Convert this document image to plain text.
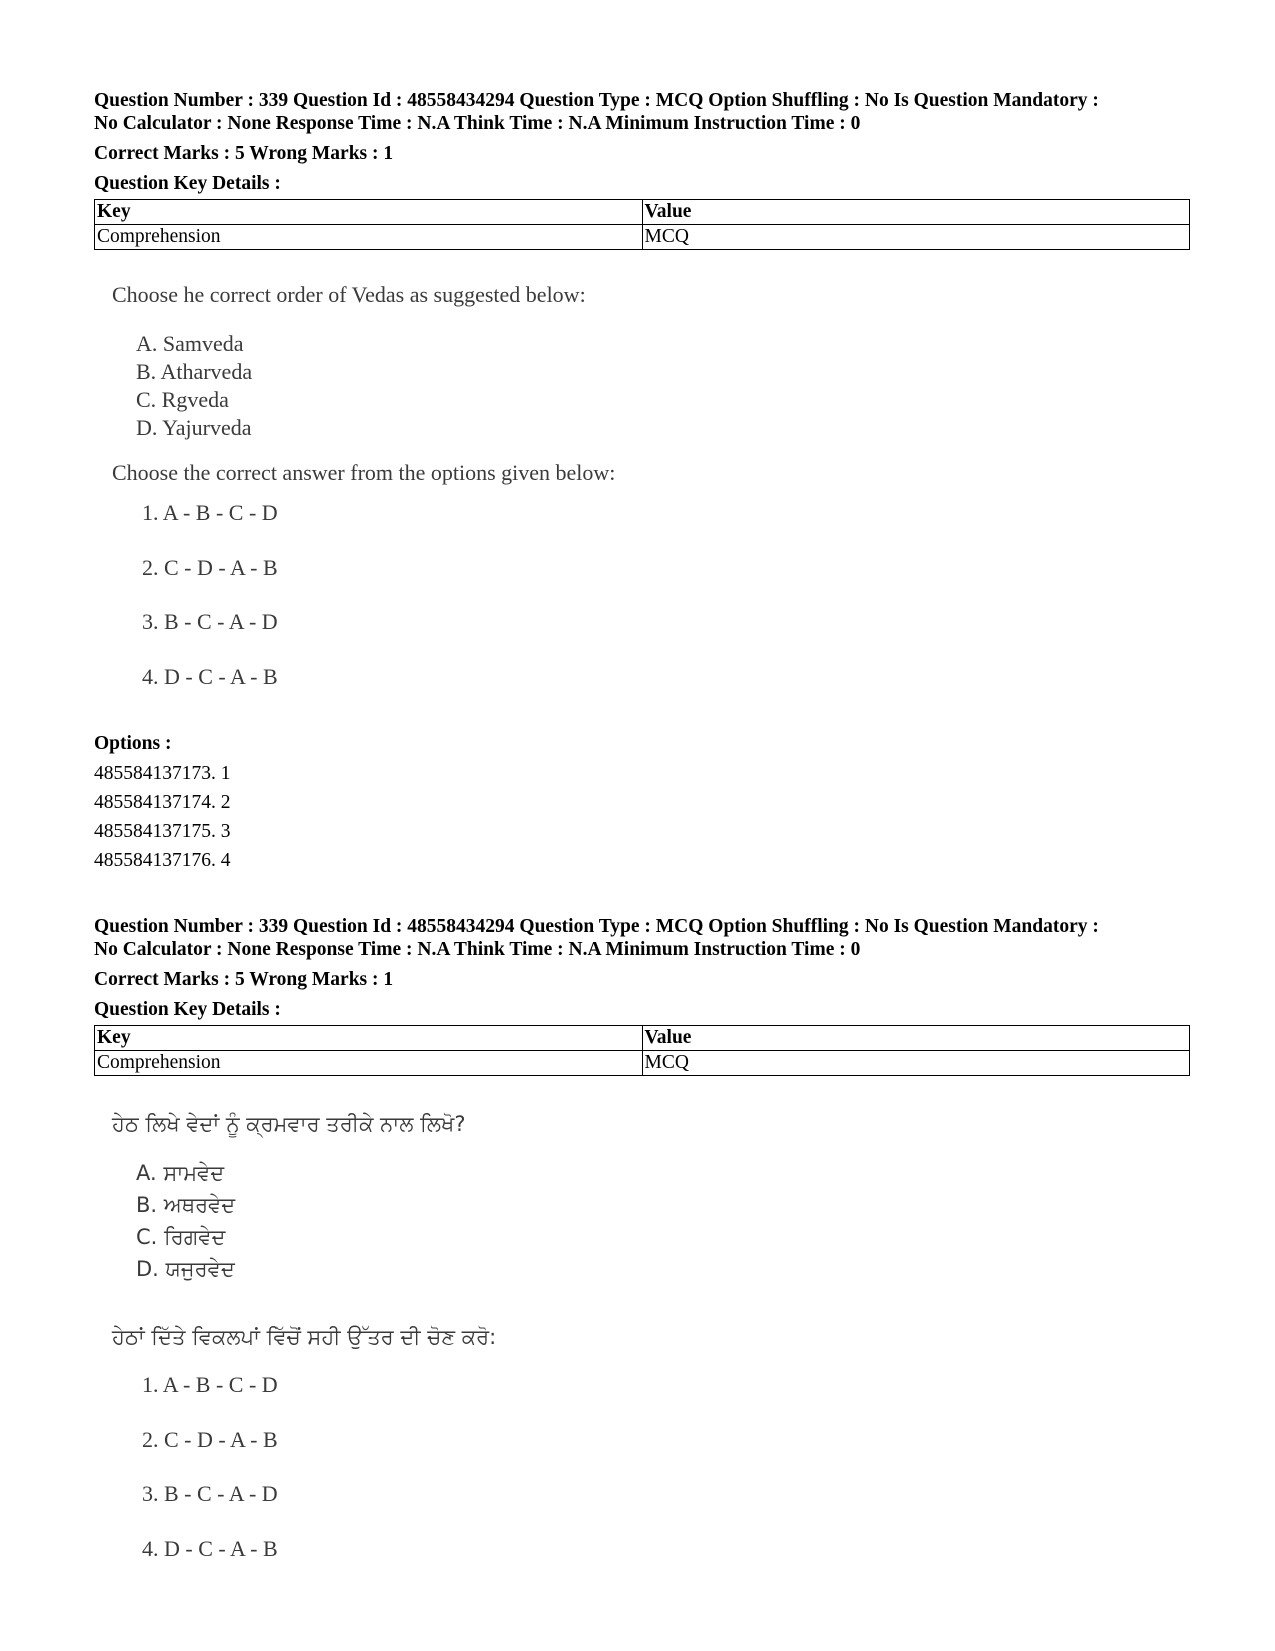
Question Number : 339 Question Id : 48558434294 Question Type : MCQ Option Shuffling : No Is Question Mandatory :
No Calculator : None Response Time : N.A Think Time : N.A Minimum Instruction Time : 0
Correct Marks : 5 Wrong Marks : 1
Question Key Details :
Key	Value
Comprehension	MCQ
Choose he correct order of Vedas as suggested below:
A. Samveda
B. Atharveda
C. Rgveda
D. Yajurveda
Choose the correct answer from the options given below:
1. A - B - C - D
2. C - D - A - B
3. B - C - A - D
4. D - C - A - B
Options :
485584137173. 1
485584137174. 2
485584137175. 3
485584137176. 4
Question Number : 339 Question Id : 48558434294 Question Type : MCQ Option Shuffling : No Is Question Mandatory :
No Calculator : None Response Time : N.A Think Time : N.A Minimum Instruction Time : 0
Correct Marks : 5 Wrong Marks : 1
Question Key Details :
Key	Value
Comprehension	MCQ
ਹੇਠ ਲਿਖੇ ਵੇਦਾਂ ਨੂੰ ਕ੍ਰਮਵਾਰ ਤਰੀਕੇ ਨਾਲ ਲਿਖੋ?
A. ਸਾਮਵੇਦ
B. ਅਥਰਵੇਦ
C. ਰਿਗਵੇਦ
D. ਯਜੁਰਵੇਦ
ਹੇਠਾਂ ਦਿੱਤੇ ਵਿਕਲਪਾਂ ਵਿੱਚੋਂ ਸਹੀ ਉੱਤਰ ਦੀ ਚੋਣ ਕਰੋ:
1. A - B - C - D
2. C - D - A - B
3. B - C - A - D
4. D - C - A - B
